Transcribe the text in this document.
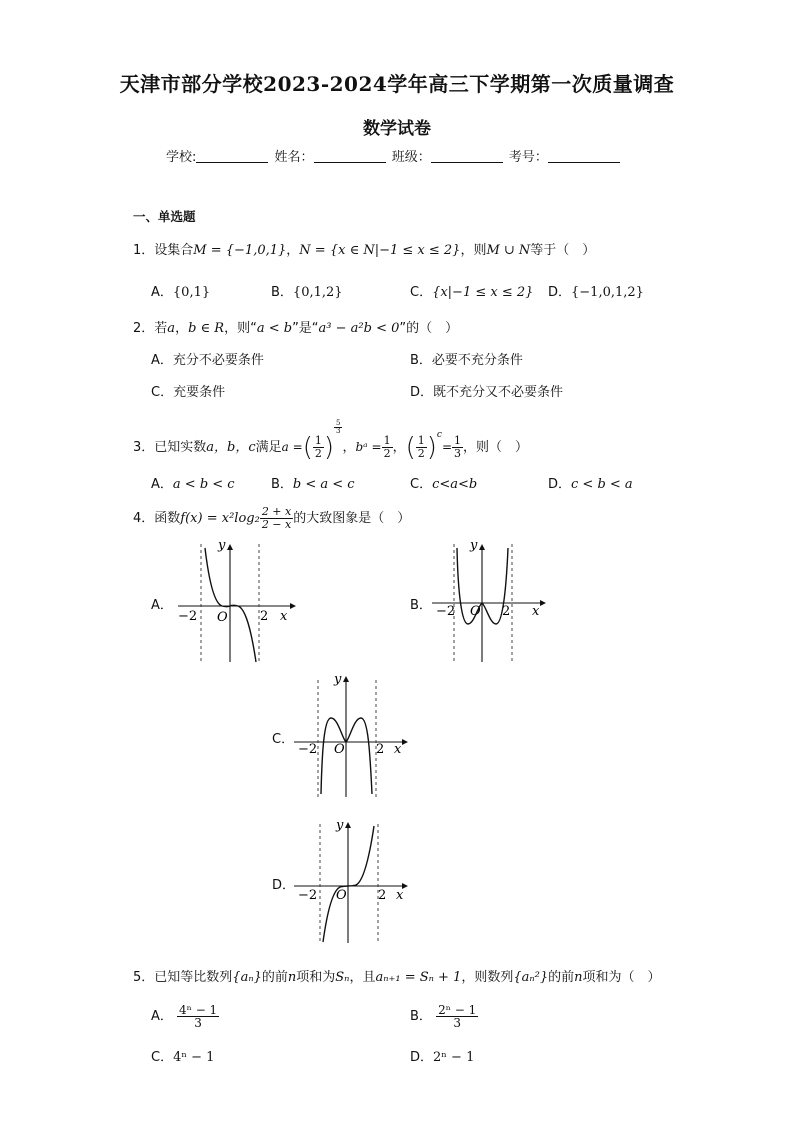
天津市部分学校2023-2024学年高三下学期第一次质量调查
数学试卷
学校:	姓名：	班级：	考号：
一、单选题
1．设集合M = {−1,0,1}，N = {x ∈ N|−1 ≤ x ≤ 2}，则M ∪ N等于（　）
A．{0,1}	B．{0,1,2}	C．{x|−1 ≤ x ≤ 2} D．{−1,0,1,2}
2．若a，b ∈ R，则“a < b”是“a³ − a²b < 0”的（　）
A．充分不必要条件	B．必要不充分条件
C．充要条件	D．既不充分又不必要条件
3．已知实数a，b，c满足a =( $\frac{1}{2}$ )
$\frac{5}{3}$
，bᵃ = $\frac{1}{2}$ ，( $\frac{1}{2} )^c= \frac{1}{3}$ ，则（　）
A．a < b < c	B．b < a < c	C．c<a<b	D．c < b < a
4．函数$f(x) = x^2\log_2 \frac{2 + x}{2 - x}$ 的大致图象是（　）
A．
y
x
O
−2	2
B．
y
x
O
−2	2
C．
y
x
O
−2	2
D．
y
x
O
−2	2
5．已知等比数列{aₙ}的前n项和为Sₙ，且aₙ₊₁ = Sₙ + 1，则数列{aₙ²}的前n项和为（　）
A． $\frac{\text{4ⁿ − 1}}{3}$	B． $\frac{\text{2ⁿ − 1}}{3}$
C．4ⁿ − 1	D．2ⁿ − 1
